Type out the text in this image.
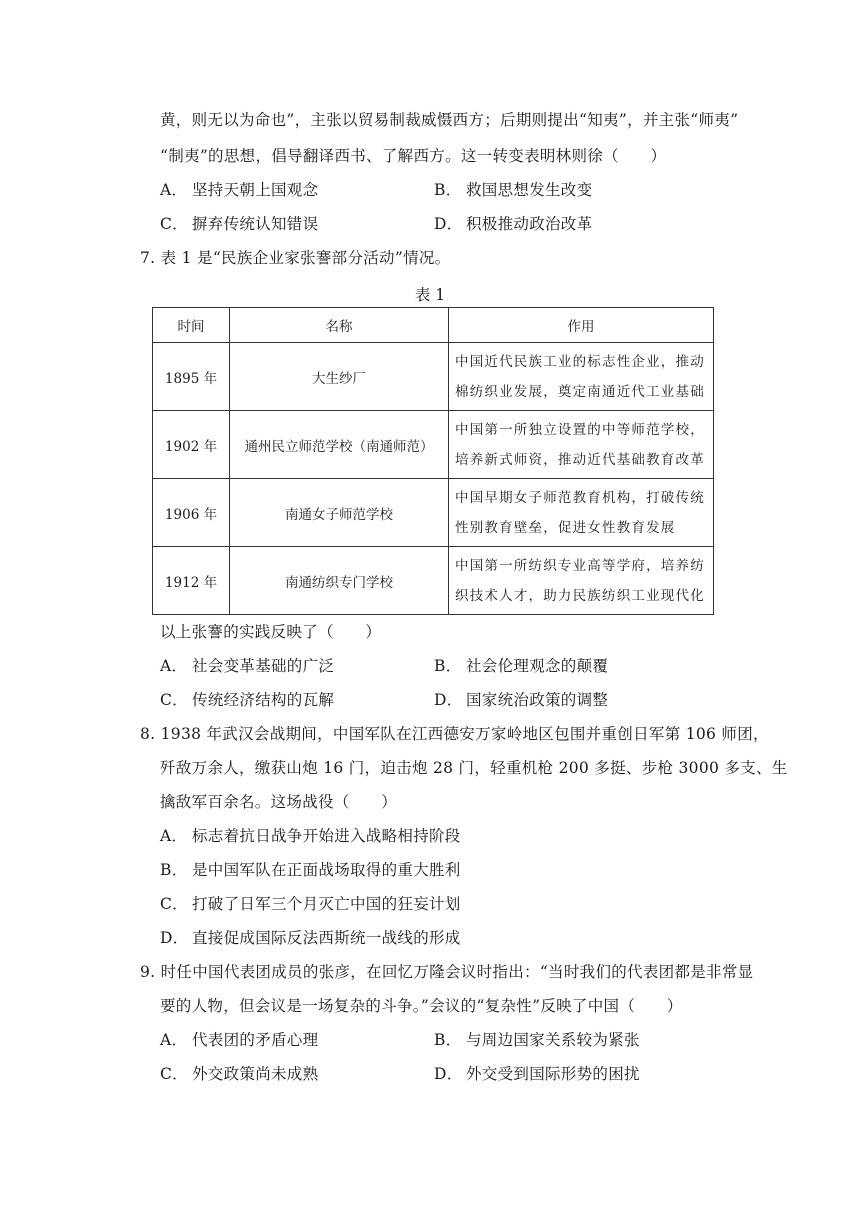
黄，则无以为命也”，主张以贸易制裁威慑西方；后期则提出“知夷”，并主张“师夷”
“制夷”的思想，倡导翻译西书、了解西方。这一转变表明林则徐（　　）
A． 坚持天朝上国观念	B． 救国思想发生改变
C． 摒弃传统认知错误	D． 积极推动政治改革
7. 表 1 是“民族企业家张謇部分活动”情况。
表 1
时间	名称	作用
1895 年	大生纱厂	中国近代民族工业的标志性企业，推动
棉纺织业发展，奠定南通近代工业基础

1902 年	通州民立师范学校（南通师范）	中国第一所独立设置的中等师范学校，
培养新式师资，推动近代基础教育改革

1906 年	南通女子师范学校	中国早期女子师范教育机构，打破传统
性别教育壁垒，促进女性教育发展

1912 年	南通纺织专门学校	中国第一所纺织专业高等学府，培养纺
织技术人才，助力民族纺织工业现代化
以上张謇的实践反映了（　　）
A． 社会变革基础的广泛	B． 社会伦理观念的颠覆
C． 传统经济结构的瓦解	D． 国家统治政策的调整
8. 1938 年武汉会战期间，中国军队在江西德安万家岭地区包围并重创日军第 106 师团，
歼敌万余人，缴获山炮 16 门，迫击炮 28 门，轻重机枪 200 多挺、步枪 3000 多支、生
擒敌军百余名。这场战役（　　）
A． 标志着抗日战争开始进入战略相持阶段
B． 是中国军队在正面战场取得的重大胜利
C． 打破了日军三个月灭亡中国的狂妄计划
D． 直接促成国际反法西斯统一战线的形成
9. 时任中国代表团成员的张彦，在回忆万隆会议时指出：“当时我们的代表团都是非常显
要的人物，但会议是一场复杂的斗争。”会议的“复杂性”反映了中国（　　）
A． 代表团的矛盾心理	B． 与周边国家关系较为紧张
C． 外交政策尚未成熟	D． 外交受到国际形势的困扰
